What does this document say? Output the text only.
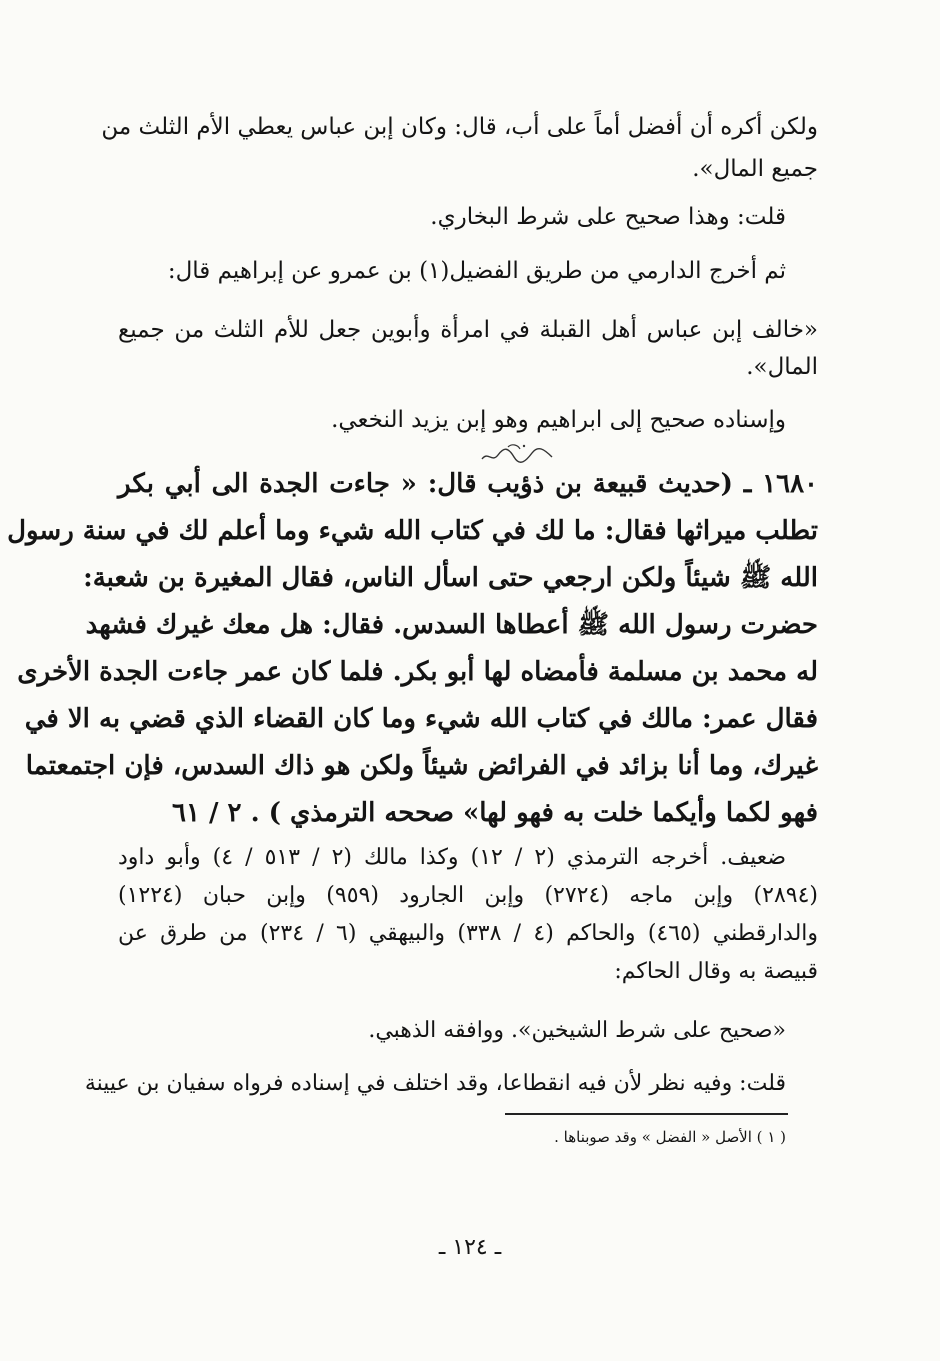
ولكن أكره أن أفضل أماً على أب، قال: وكان إبن عباس يعطي الأم الثلث من

جميع المال».

قلت: وهذا صحيح على شرط البخاري.

ثم أخرج الدارمي من طريق الفضيل(١) بن عمرو عن إبراهيم قال:

«خالف إبن عباس أهل القبلة في امرأة وأبوين جعل للأم الثلث من جميع

المال».

وإسناده صحيح إلى ابراهيم وهو إبن يزيد النخعي.

١٦٨٠ ـ (حديث قبيعة بن ذؤيب قال: « جاءت الجدة الى أبي بكر

تطلب ميراثها فقال: ما لك في كتاب الله شيء وما أعلم لك في سنة رسول

الله ﷺ شيئاً ولكن ارجعي حتى اسأل الناس، فقال المغيرة بن شعبة:

حضرت رسول الله ﷺ أعطاها السدس. فقال: هل معك غيرك فشهد

له محمد بن مسلمة فأمضاه لها أبو بكر. فلما كان عمر جاءت الجدة الأخرى

فقال عمر: مالك في كتاب الله شيء وما كان القضاء الذي قضي به الا في

غيرك، وما أنا بزائد في الفرائض شيئاً ولكن هو ذاك السدس، فإن اجتمعتما

فهو لكما وأيكما خلت به فهو لها» صححه الترمذي ) . ٢ / ٦١

ضعيف. أخرجه الترمذي (٢ / ١٢) وكذا مالك (٢ / ٥١٣ / ٤) وأبو داود

(٢٨٩٤) وإبن ماجه (٢٧٢٤) وإبن الجارود (٩٥٩) وإبن حبان (١٢٢٤)

والدارقطني (٤٦٥) والحاكم (٤ / ٣٣٨) والبيهقي (٦ / ٢٣٤) من طرق عن

قبيصة به وقال الحاكم:

«صحيح على شرط الشيخين». ووافقه الذهبي.

قلت: وفيه نظر لأن فيه انقطاعا، وقد اختلف في إسناده فرواه سفيان بن عيينة

( ١ ) الأصل « الفضل » وقد صوبناها .

ـ ١٢٤ ـ
